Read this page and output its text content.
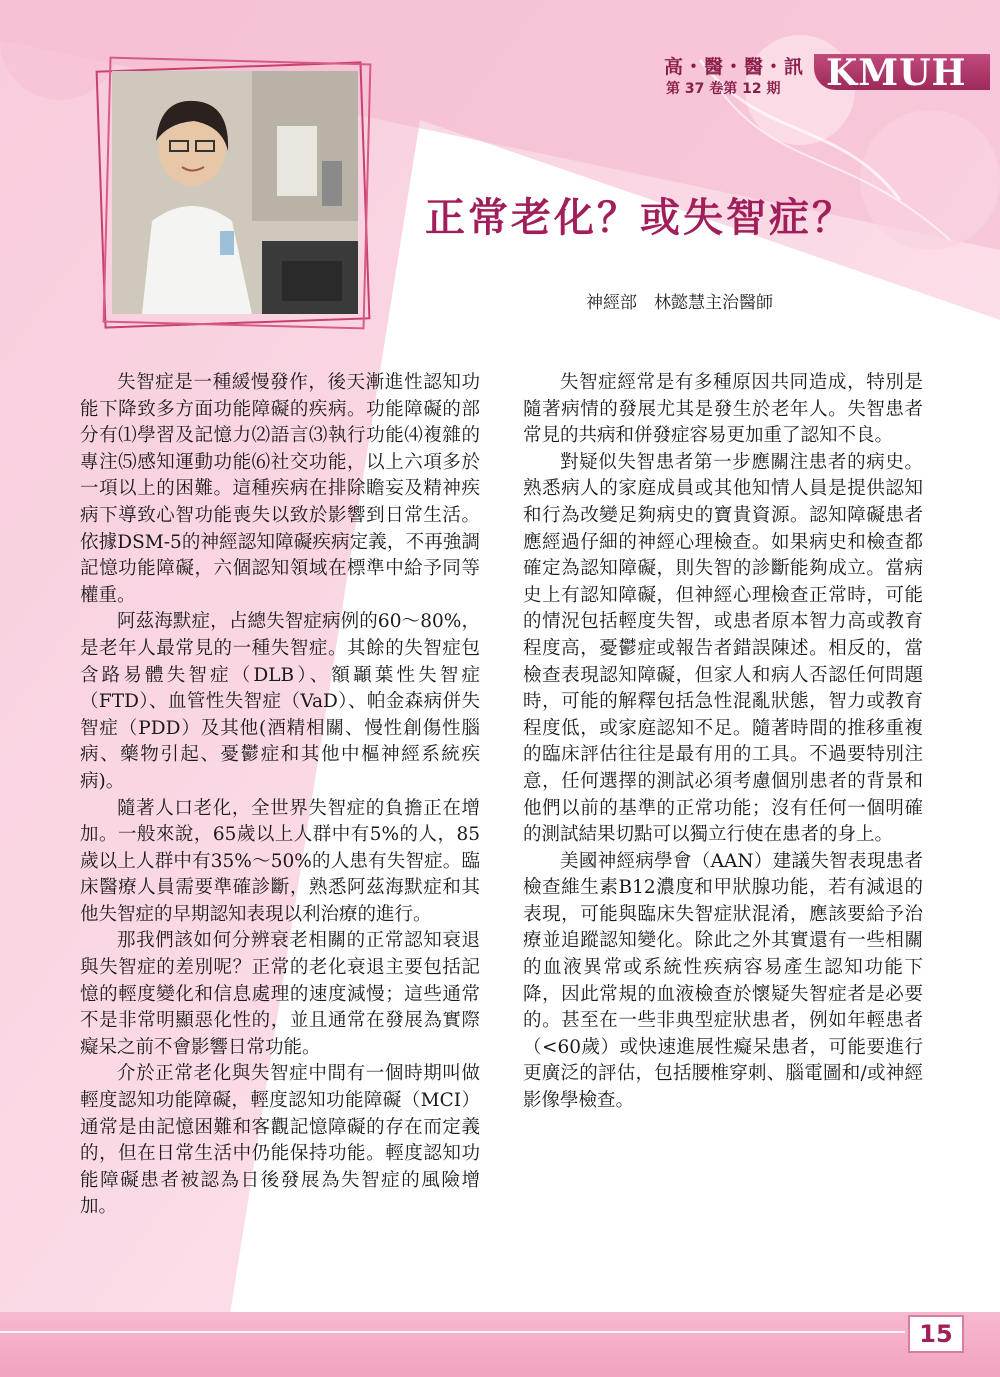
高・醫・醫・訊
第 37 卷第 12 期 KMUH
正常老化？或失智症？
神經部　林懿慧主治醫師

失智症是一種緩慢發作，後天漸進性認知功能下降致多方面功能障礙的疾病。功能障礙的部分有⑴學習及記憶力⑵語言⑶執行功能⑷複雜的專注⑸感知運動功能⑹社交功能，以上六項多於一項以上的困難。這種疾病在排除瞻妄及精神疾病下導致心智功能喪失以致於影響到日常生活。依據DSM-5的神經認知障礙疾病定義，不再強調記憶功能障礙，六個認知領域在標準中給予同等權重。

阿茲海默症，占總失智症病例的60～80%，是老年人最常見的一種失智症。其餘的失智症包含路易體失智症（DLB）、額顳葉性失智症（FTD）、血管性失智症（VaD）、帕金森病併失智症（PDD）及其他(酒精相關、慢性創傷性腦病、藥物引起、憂鬱症和其他中樞神經系統疾病)。

隨著人口老化，全世界失智症的負擔正在增加。一般來說，65歲以上人群中有5%的人，85歲以上人群中有35%～50%的人患有失智症。臨床醫療人員需要準確診斷，熟悉阿茲海默症和其他失智症的早期認知表現以利治療的進行。

那我們該如何分辨衰老相關的正常認知衰退與失智症的差別呢？正常的老化衰退主要包括記憶的輕度變化和信息處理的速度減慢；這些通常不是非常明顯惡化性的，並且通常在發展為實際癡呆之前不會影響日常功能。

介於正常老化與失智症中間有一個時期叫做輕度認知功能障礙，輕度認知功能障礙（MCI）通常是由記憶困難和客觀記憶障礙的存在而定義的，但在日常生活中仍能保持功能。輕度認知功能障礙患者被認為日後發展為失智症的風險增加。

失智症經常是有多種原因共同造成，特別是隨著病情的發展尤其是發生於老年人。失智患者常見的共病和併發症容易更加重了認知不良。

對疑似失智患者第一步應關注患者的病史。熟悉病人的家庭成員或其他知情人員是提供認知和行為改變足夠病史的寶貴資源。認知障礙患者應經過仔細的神經心理檢查。如果病史和檢查都確定為認知障礙，則失智的診斷能夠成立。當病史上有認知障礙，但神經心理檢查正常時，可能的情況包括輕度失智，或患者原本智力高或教育程度高，憂鬱症或報告者錯誤陳述。相反的，當檢查表現認知障礙，但家人和病人否認任何問題時，可能的解釋包括急性混亂狀態，智力或教育程度低，或家庭認知不足。隨著時間的推移重複的臨床評估往往是最有用的工具。不過要特別注意，任何選擇的測試必須考慮個別患者的背景和他們以前的基準的正常功能；沒有任何一個明確的測試結果切點可以獨立行使在患者的身上。

美國神經病學會（AAN）建議失智表現患者檢查維生素B12濃度和甲狀腺功能，若有減退的表現，可能與臨床失智症狀混淆，應該要給予治療並追蹤認知變化。除此之外其實還有一些相關的血液異常或系統性疾病容易產生認知功能下降，因此常規的血液檢查於懷疑失智症者是必要的。甚至在一些非典型症狀患者，例如年輕患者（<60歲）或快速進展性癡呆患者，可能要進行更廣泛的評估，包括腰椎穿刺、腦電圖和/或神經影像學檢查。

15
